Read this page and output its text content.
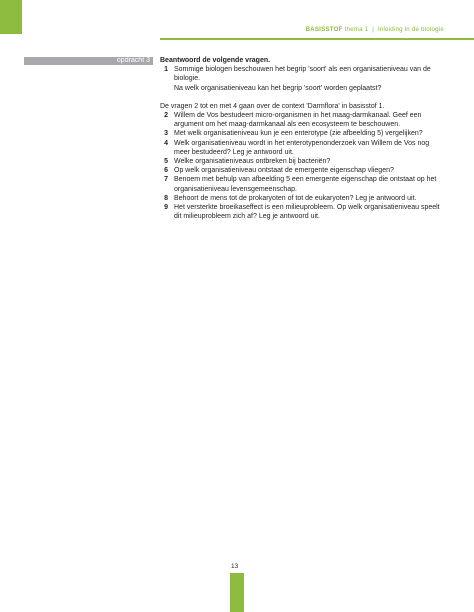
BASISSTOF thema 1 | Inleiding in de biologie
opdracht 3	Beantwoord de volgende vragen.

1 Sommige biologen beschouwen het begrip 'soort' als een organisatieniveau van de biologie.

Na welk organisatieniveau kan het begrip 'soort' worden geplaatst?

De vragen 2 tot en met 4 gaan over de context 'Darmflora' in basisstof 1.

2 Willem de Vos bestudeert micro-organismen in het maag-darmkanaal. Geef een argument om het maag-darmkanaal als een ecosysteem te beschouwen.

3 Met welk organisatieniveau kun je een enterotype (zie afbeelding 5) vergelijken?

4 Welk organisatieniveau wordt in het enterotypenonderzoek van Willem de Vos nog meer bestudeerd? Leg je antwoord uit.

5 Welke organisatieniveaus ontbreken bij bacteriën?

6 Op welk organisatieniveau ontstaat de emergente eigenschap vliegen?

7 Benoem met behulp van afbeelding 5 een emergente eigenschap die ontstaat op het organisatieniveau levensgemeenschap.

8 Behoort de mens tot de prokaryoten of tot de eukaryoten? Leg je antwoord uit.

9 Het versterkte broeikaseffect is een milieuprobleem. Op welk organisatieniveau speelt dit milieuprobleem zich af? Leg je antwoord uit.

13
